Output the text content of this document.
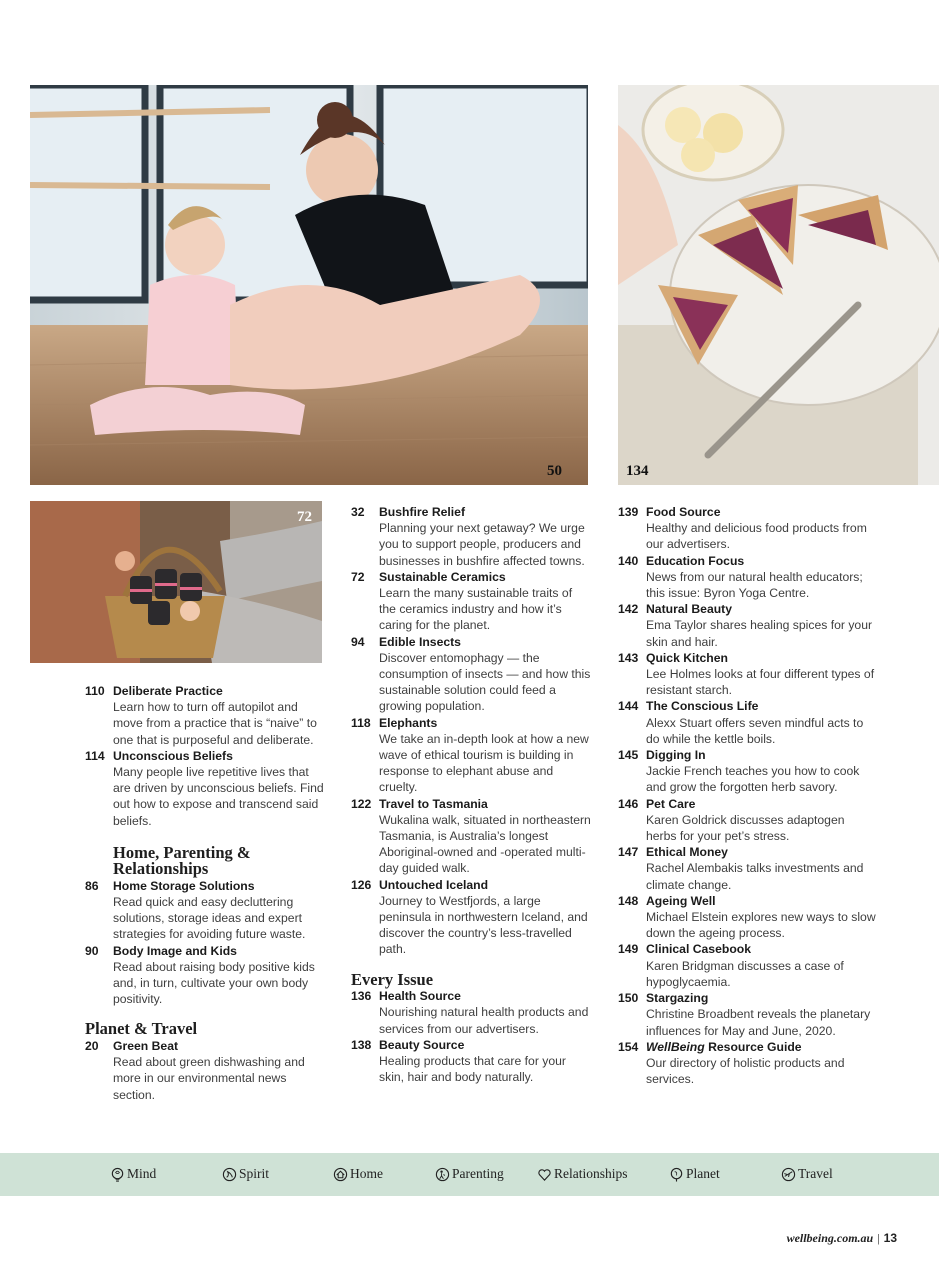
50	134
72
110 Deliberate Practice
Learn how to turn off autopilot and move from a practice that is “naive” to one that is purposeful and deliberate.
114 Unconscious Beliefs
Many people live repetitive lives that are driven by unconscious beliefs. Find out how to expose and transcend said beliefs.
Home, Parenting & Relationships
86 Home Storage Solutions
Read quick and easy decluttering solutions, storage ideas and expert strategies for avoiding future waste.
90 Body Image and Kids
Read about raising body positive kids and, in turn, cultivate your own body positivity.
Planet & Travel
20 Green Beat
Read about green dishwashing and more in our environmental news section.
32 Bushfire Relief
Planning your next getaway? We urge you to support people, producers and businesses in bushfire affected towns.
72 Sustainable Ceramics
Learn the many sustainable traits of the ceramics industry and how it’s caring for the planet.
94 Edible Insects
Discover entomophagy — the consumption of insects — and how this sustainable solution could feed a growing population.
118 Elephants
We take an in-depth look at how a new wave of ethical tourism is building in response to elephant abuse and cruelty.
122 Travel to Tasmania
Wukalina walk, situated in northeastern Tasmania, is Australia’s longest Aboriginal-owned and -operated multi-day guided walk.
126 Untouched Iceland
Journey to Westfjords, a large peninsula in northwestern Iceland, and discover the country’s less-travelled path.
Every Issue
136 Health Source
Nourishing natural health products and services from our advertisers.
138 Beauty Source
Healing products that care for your skin, hair and body naturally.
139 Food Source
Healthy and delicious food products from our advertisers.
140 Education Focus
News from our natural health educators; this issue: Byron Yoga Centre.
142 Natural Beauty
Ema Taylor shares healing spices for your skin and hair.
143 Quick Kitchen
Lee Holmes looks at four different types of resistant starch.
144 The Conscious Life
Alexx Stuart offers seven mindful acts to do while the kettle boils.
145 Digging In
Jackie French teaches you how to cook and grow the forgotten herb savory.
146 Pet Care
Karen Goldrick discusses adaptogen herbs for your pet’s stress.
147 Ethical Money
Rachel Alembakis talks investments and climate change.
148 Ageing Well
Michael Elstein explores new ways to slow down the ageing process.
149 Clinical Casebook
Karen Bridgman discusses a case of hypoglycaemia.
150 Stargazing
Christine Broadbent reveals the planetary influences for May and June, 2020.
154 WellBeing Resource Guide
Our directory of holistic products and services.
Mind	Spirit	Home	Parenting	Relationships	Planet	Travel
wellbeing.com.au | 13
